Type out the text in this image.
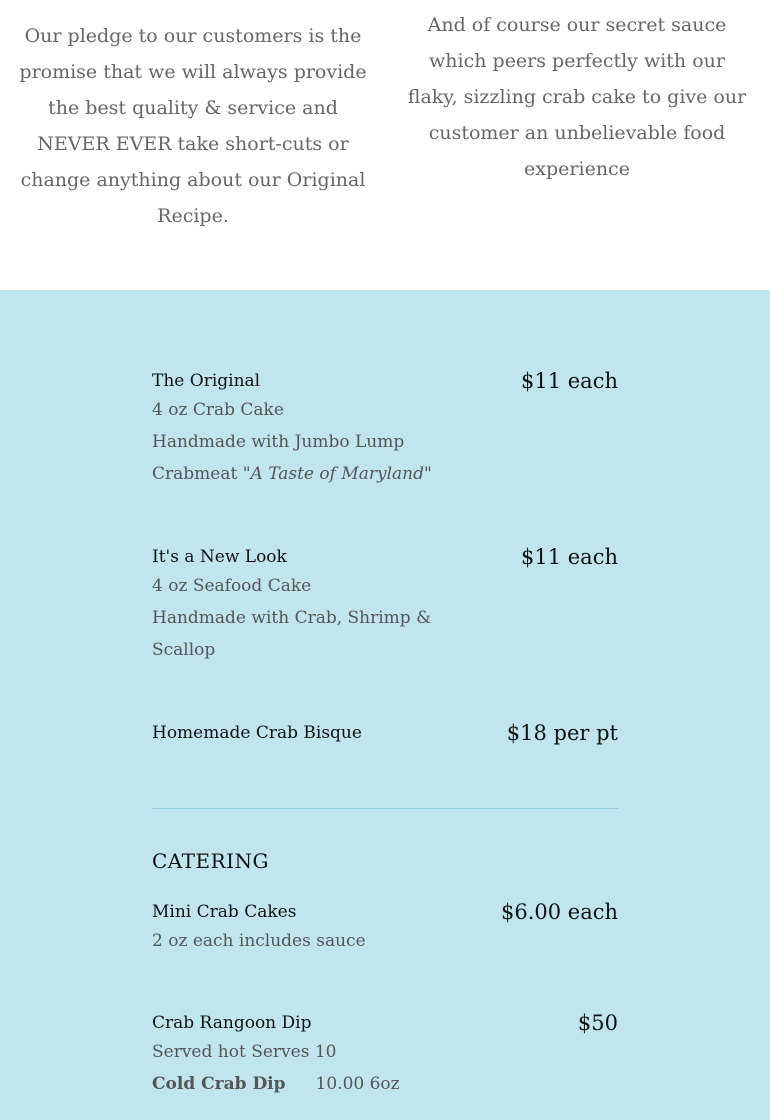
Our pledge to our customers is the promise that we will always provide the best quality & service and NEVER EVER take short-cuts or change anything about our Original Recipe.
And of course our secret sauce which peers perfectly with our flaky, sizzling crab cake to give our customer an unbelievable food experience
The Original	$11 each
4 oz Crab Cake
Handmade with Jumbo Lump
Crabmeat "A Taste of Maryland"
It's a New Look	$11 each
4 oz Seafood Cake
Handmade with Crab, Shrimp &
Scallop
Homemade Crab Bisque	$18 per pt
CATERING
Mini Crab Cakes	$6.00 each
2 oz each includes sauce
Crab Rangoon Dip	$50
Served hot Serves 10
Cold Crab Dip 10.00 6oz
